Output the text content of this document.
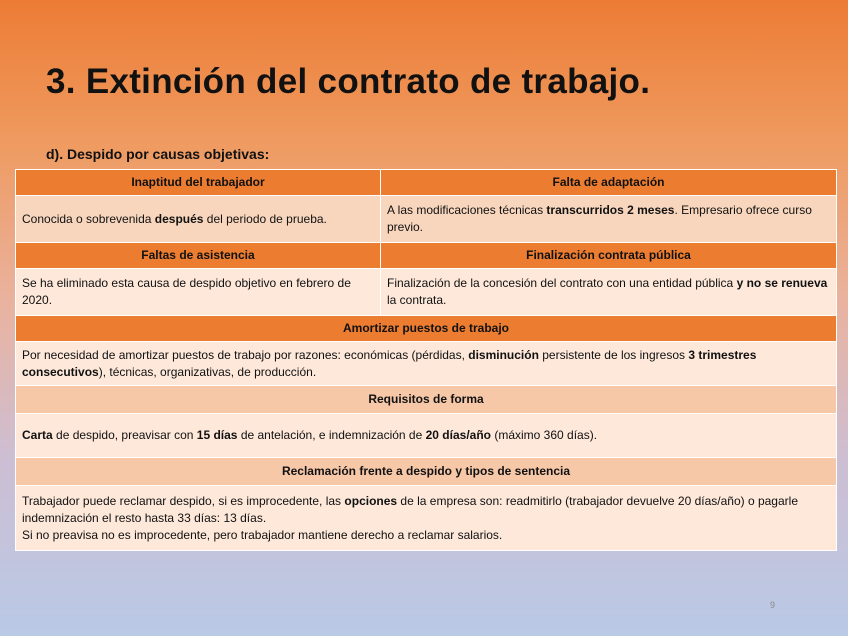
3. Extinción del contrato de trabajo.
d). Despido por causas objetivas:
Inaptitud del trabajador	Falta de adaptación
Conocida o sobrevenida después del periodo de prueba.	A las modificaciones técnicas transcurridos 2 meses. Empresario ofrece curso previo.
Faltas de asistencia	Finalización contrata pública
Se ha eliminado esta causa de despido objetivo en febrero de 2020.	Finalización de la concesión del contrato con una entidad pública y no se renueva la contrata.
Amortizar puestos de trabajo	
Por necesidad de amortizar puestos de trabajo por razones: económicas (pérdidas, disminución persistente de los ingresos 3 trimestres consecutivos), técnicas, organizativas, de producción.	
Requisitos de forma	
Carta de despido, preavisar con 15 días de antelación, e indemnización de 20 días/año (máximo 360 días).	
Reclamación frente a despido y tipos de sentencia	
Trabajador puede reclamar despido, si es improcedente, las opciones de la empresa son: readmitirlo (trabajador devuelve 20 días/año) o pagarle indemnización el resto hasta 33 días: 13 días.
Si no preavisa no es improcedente, pero trabajador mantiene derecho a reclamar salarios.	
9
